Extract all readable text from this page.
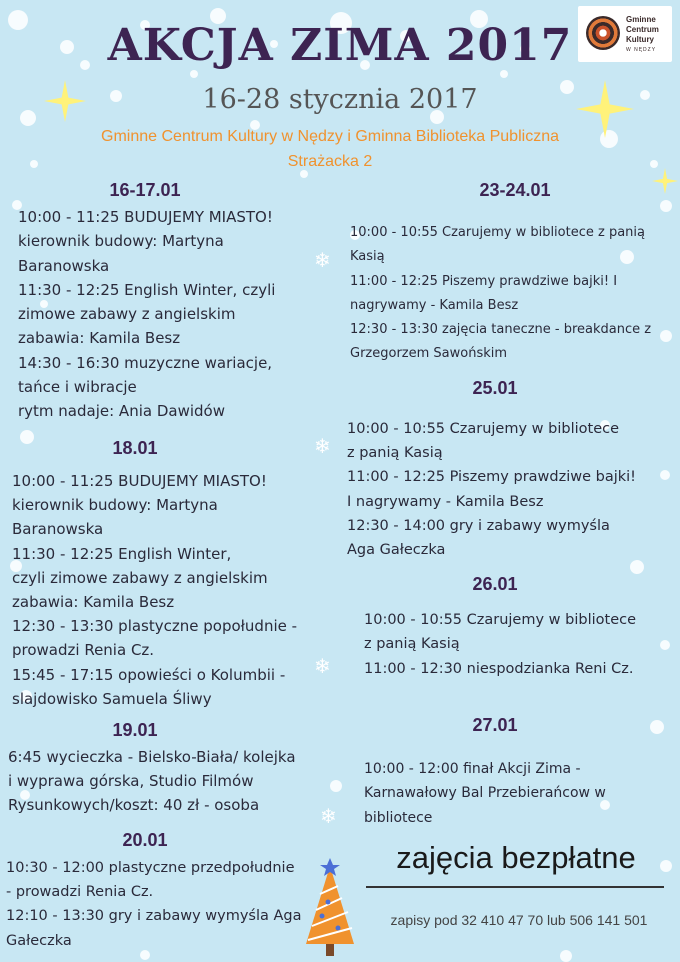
❄
❄
❄
❄
Gminne
Centrum
Kultury
W NĘDZY
AKCJA ZIMA 2017
16-28 stycznia 2017
Gminne Centrum Kultury w Nędzy i Gminna Biblioteka Publiczna
Strażacka 2
16-17.01
10:00 - 11:25 BUDUJEMY MIASTO!
kierownik budowy: Martyna
Baranowska
11:30 - 12:25 English Winter, czyli
zimowe zabawy z angielskim
zabawia: Kamila Besz
14:30 - 16:30 muzyczne wariacje,
tańce i wibracje
rytm nadaje: Ania Dawidów
18.01
10:00 - 11:25 BUDUJEMY MIASTO!
kierownik budowy: Martyna
Baranowska
11:30 - 12:25 English Winter,
czyli zimowe zabawy z angielskim
zabawia: Kamila Besz
12:30 - 13:30 plastyczne popołudnie -
prowadzi Renia Cz.
15:45 - 17:15 opowieści o Kolumbii -
slajdowisko Samuela Śliwy
19.01
6:45 wycieczka - Bielsko-Biała/ kolejka
i wyprawa górska, Studio Filmów
Rysunkowych/koszt: 40 zł - osoba
20.01
10:30 - 12:00 plastyczne przedpołudnie
- prowadzi Renia Cz.
12:10 - 13:30 gry i zabawy wymyśla Aga
Gałeczka
23-24.01
10:00 - 10:55 Czarujemy w bibliotece z panią
Kasią
11:00 - 12:25 Piszemy prawdziwe bajki! I
nagrywamy - Kamila Besz
12:30 - 13:30 zajęcia taneczne - breakdance z
Grzegorzem Sawońskim
25.01
10:00 - 10:55 Czarujemy w bibliotece
z panią Kasią
11:00 - 12:25 Piszemy prawdziwe bajki!
I nagrywamy - Kamila Besz
12:30 - 14:00 gry i zabawy wymyśla
Aga Gałeczka
26.01
10:00 - 10:55 Czarujemy w bibliotece
z panią Kasią
11:00 - 12:30 niespodzianka Reni Cz.
27.01
10:00 - 12:00 finał Akcji Zima -
Karnawałowy Bal Przebierańcow w
bibliotece
zajęcia bezpłatne
zapisy pod 32 410 47 70 lub 506 141 501
